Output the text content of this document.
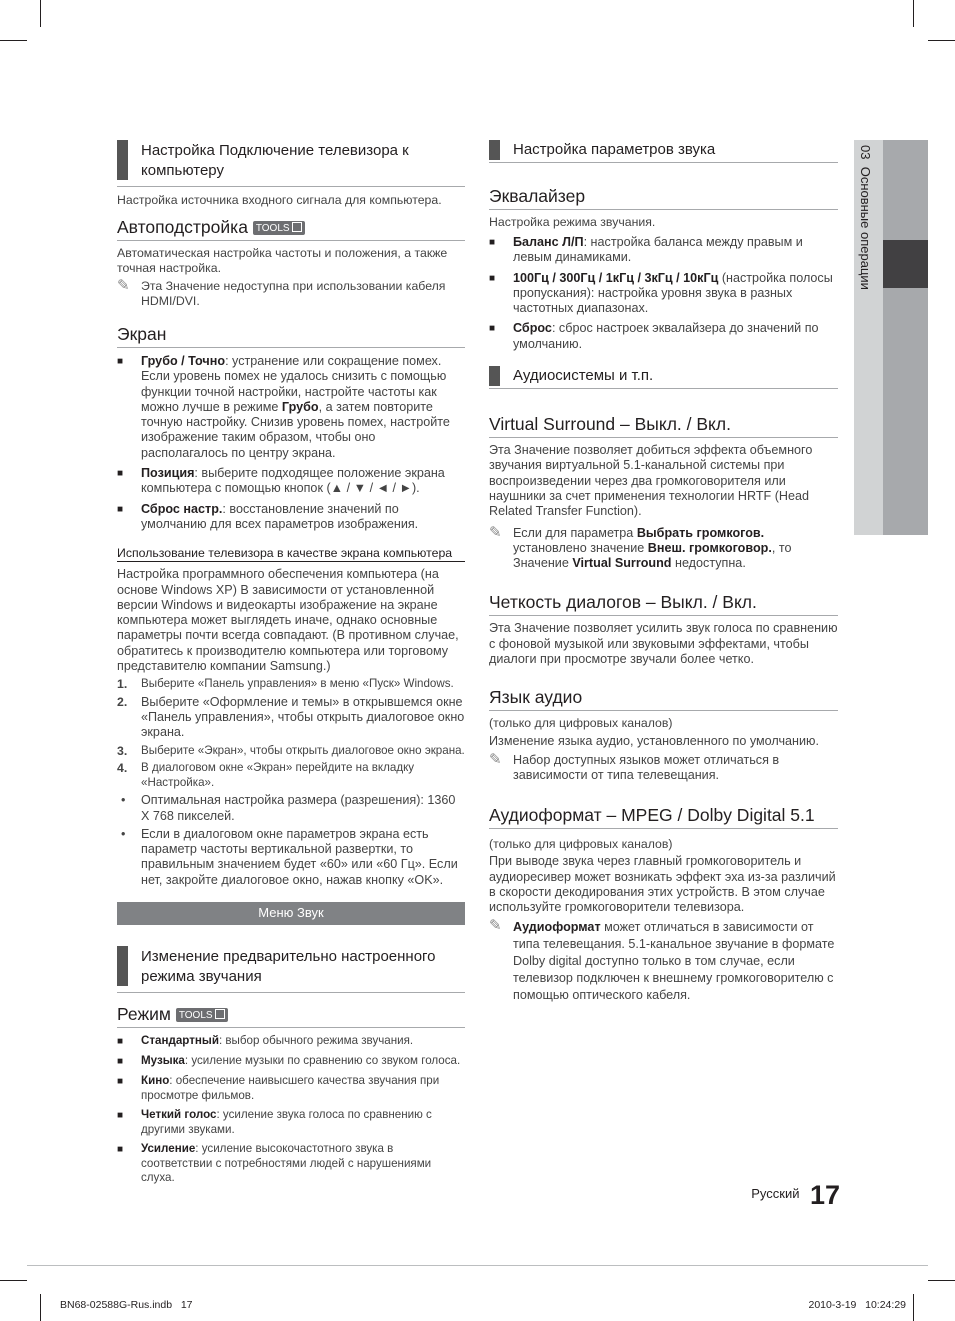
03  Основные операции
Настройка Подключение телевизора к компьютеру
Настройка источника входного сигнала для компьютера.
Автоподстройка TOOLS
Автоматическая настройка частоты и положения, а также точная настройка.
✎ Эта Значение недоступна при использовании кабеля HDMI/DVI.
Экран
■	Грубо / Точно: устранение или сокращение помех. Если уровень помех не удалось снизить с помощью функции точной настройки, настройте частоты как можно лучше в режиме Грубо, а затем повторите точную настройку. Снизив уровень помех, настройте изображение таким образом, чтобы оно располагалось по центру экрана.
■	Позиция: выберите подходящее положение экрана компьютера с помощью кнопок (▲ / ▼ / ◄ / ►).
■	Сброс настр.: восстановление значений по умолчанию для всех параметров изображения.
Использование телевизора в качестве экрана компьютера
Настройка программного обеспечения компьютера (на основе Windows XP) В зависимости от установленной версии Windows и видеокарты изображение на экране компьютера может выглядеть иначе, однако основные параметры почти всегда совпадают. (В противном случае, обратитесь к производителю компьютера или торговому представителю компании Samsung.)
1.	Выберите «Панель управления» в меню «Пуск» Windows.
2.	Выберите «Оформление и темы» в открывшемся окне «Панель управления», чтобы открыть диалоговое окно экрана.
3.	Выберите «Экран», чтобы открыть диалоговое окно экрана.
4.	В диалоговом окне «Экран» перейдите на вкладку «Настройка».
•	Оптимальная настройка размера (разрешения): 1360 X 768 пикселей.
•	Если в диалоговом окне параметров экрана есть параметр частоты вертикальной развертки, то правильным значением будет «60» или «60 Гц». Если нет, закройте диалоговое окно, нажав кнопку «OK».
Меню Звук
Изменение предварительно настроенного режима звучания
Режим TOOLS
■	Стандартный: выбор обычного режима звучания.
■	Музыка: усиление музыки по сравнению со звуком голоса.
■	Кино: обеспечение наивысшего качества звучания при просмотре фильмов.
■	Четкий голос: усиление звука голоса по сравнению с другими звуками.
■	Усиление: усиление высокочастотного звука в соответствии с потребностями людей с нарушениями слуха.
Настройка параметров звука
Эквалайзер
Настройка режима звучания.
■	Баланс Л/П: настройка баланса между правым и левым динамиками.
■	100Гц / 300Гц / 1кГц / 3кГц / 10кГц (настройка полосы пропускания): настройка уровня звука в разных частотных диапазонах.
■	Сброс: сброс настроек эквалайзера до значений по умолчанию.
Аудиосистемы и т.п.
Virtual Surround – Выкл. / Вкл.
Эта Значение позволяет добиться эффекта объемного звучания виртуальной 5.1-канальной системы при воспроизведении через два громкоговорителя или наушники за счет применения технологии HRTF (Head Related Transfer Function).
✎ Если для параметра Выбрать громкогов. установлено значение Внеш. громкоговор., то Значение Virtual Surround недоступна.
Четкость диалогов – Выкл. / Вкл.
Эта Значение позволяет усилить звук голоса по сравнению с фоновой музыкой или звуковыми эффектами, чтобы диалоги при просмотре звучали более четко.
Язык аудио
(только для цифровых каналов)
Изменение языка аудио, установленного по умолчанию.
✎ Набор доступных языков может отличаться в зависимости от типа телевещания.
Аудиоформат – MPEG / Dolby Digital 5.1
(только для цифровых каналов)
При выводе звука через главный громкоговоритель и аудиоресивер может возникать эффект эха из-за различий в скорости декодирования этих устройств. В этом случае используйте громкоговорители телевизора.
✎ Аудиоформат может отличаться в зависимости от типа телевещания. 5.1-канальное звучание в формате Dolby digital доступно только в том случае, если телевизор подключен к внешнему громкоговорителю с помощью оптического кабеля.
$^{Русский}$ 17
BN68-02588G-Rus.indb   17	2010-3-19   10:24:29
